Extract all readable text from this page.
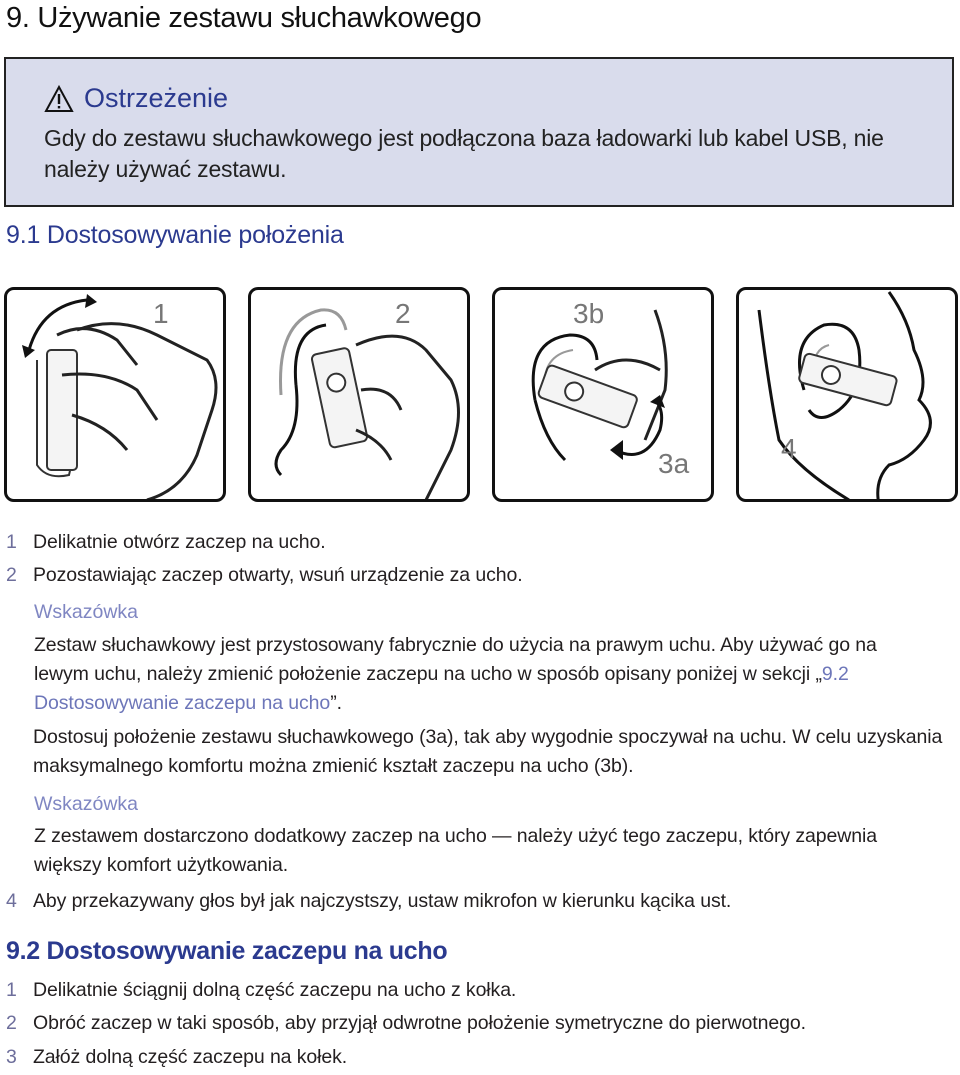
9. Używanie zestawu słuchawkowego
Ostrzeżenie
Gdy do zestawu słuchawkowego jest podłączona baza ładowarki lub kabel USB, nie należy używać zestawu.
9.1 Dostosowywanie położenia
1	2	3b
3a	4
1 Delikatnie otwórz zaczep na ucho.
2 Pozostawiając zaczep otwarty, wsuń urządzenie za ucho.
Wskazówka
Zestaw słuchawkowy jest przystosowany fabrycznie do użycia na prawym uchu. Aby używać go na lewym uchu, należy zmienić położenie zaczepu na ucho w sposób opisany poniżej w sekcji „9.2 Dostosowywanie zaczepu na ucho”.
Dostosuj położenie zestawu słuchawkowego (3a), tak aby wygodnie spoczywał na uchu. W celu uzyskania maksymalnego komfortu można zmienić kształt zaczepu na ucho (3b).
Wskazówka
Z zestawem dostarczono dodatkowy zaczep na ucho — należy użyć tego zaczepu, który zapewnia większy komfort użytkowania.
4 Aby przekazywany głos był jak najczystszy, ustaw mikrofon w kierunku kącika ust.
9.2 Dostosowywanie zaczepu na ucho
1 Delikatnie ściągnij dolną część zaczepu na ucho z kołka.
2 Obróć zaczep w taki sposób, aby przyjął odwrotne położenie symetryczne do pierwotnego.
3 Załóż dolną część zaczepu na kołek.
